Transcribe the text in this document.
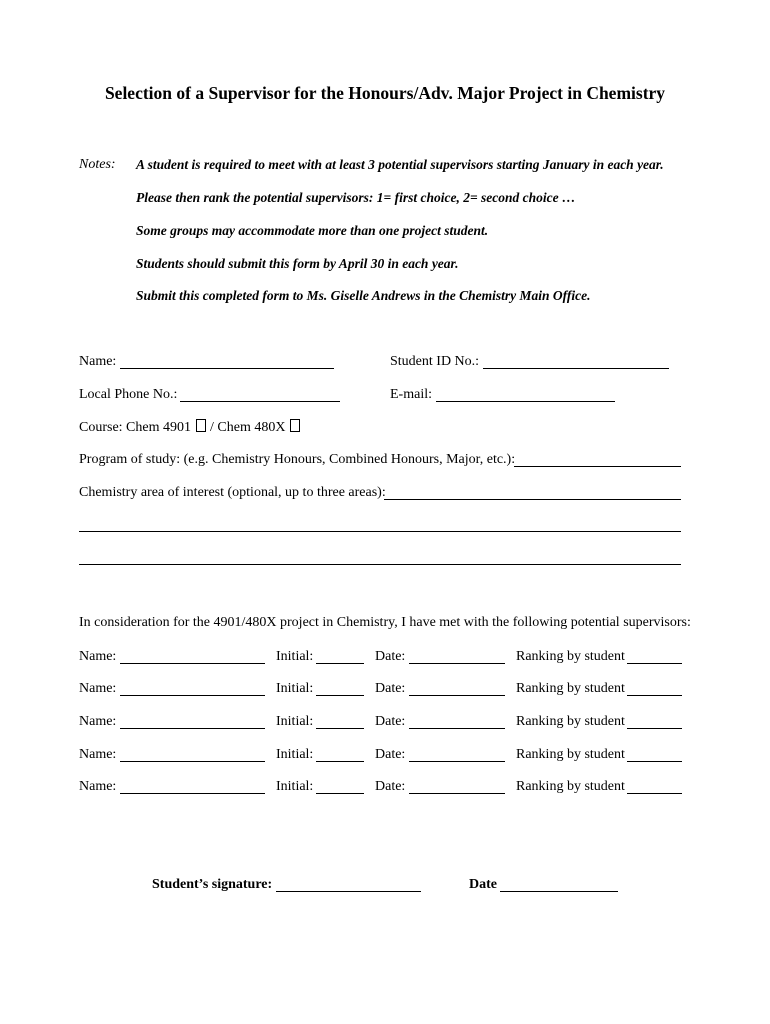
Selection of a Supervisor for the Honours/Adv. Major Project in Chemistry
Notes: A student is required to meet with at least 3 potential supervisors starting January in each year.
Please then rank the potential supervisors: 1= first choice, 2= second choice …
Some groups may accommodate more than one project student.
Students should submit this form by April 30 in each year.
Submit this completed form to Ms. Giselle Andrews in the Chemistry Main Office.
Name:	Student ID No.:
Local Phone No.:	E-mail:
Course: Chem 4901 / Chem 480X
Program of study: (e.g. Chemistry Honours, Combined Honours, Major, etc.):
Chemistry area of interest (optional, up to three areas):
In consideration for the 4901/480X project in Chemistry, I have met with the following potential supervisors:
Name:	Initial:	Date:	Ranking by student
Name:	Initial:	Date:	Ranking by student
Name:	Initial:	Date:	Ranking by student
Name:	Initial:	Date:	Ranking by student
Name:	Initial:	Date:	Ranking by student
Student’s signature:	Date
